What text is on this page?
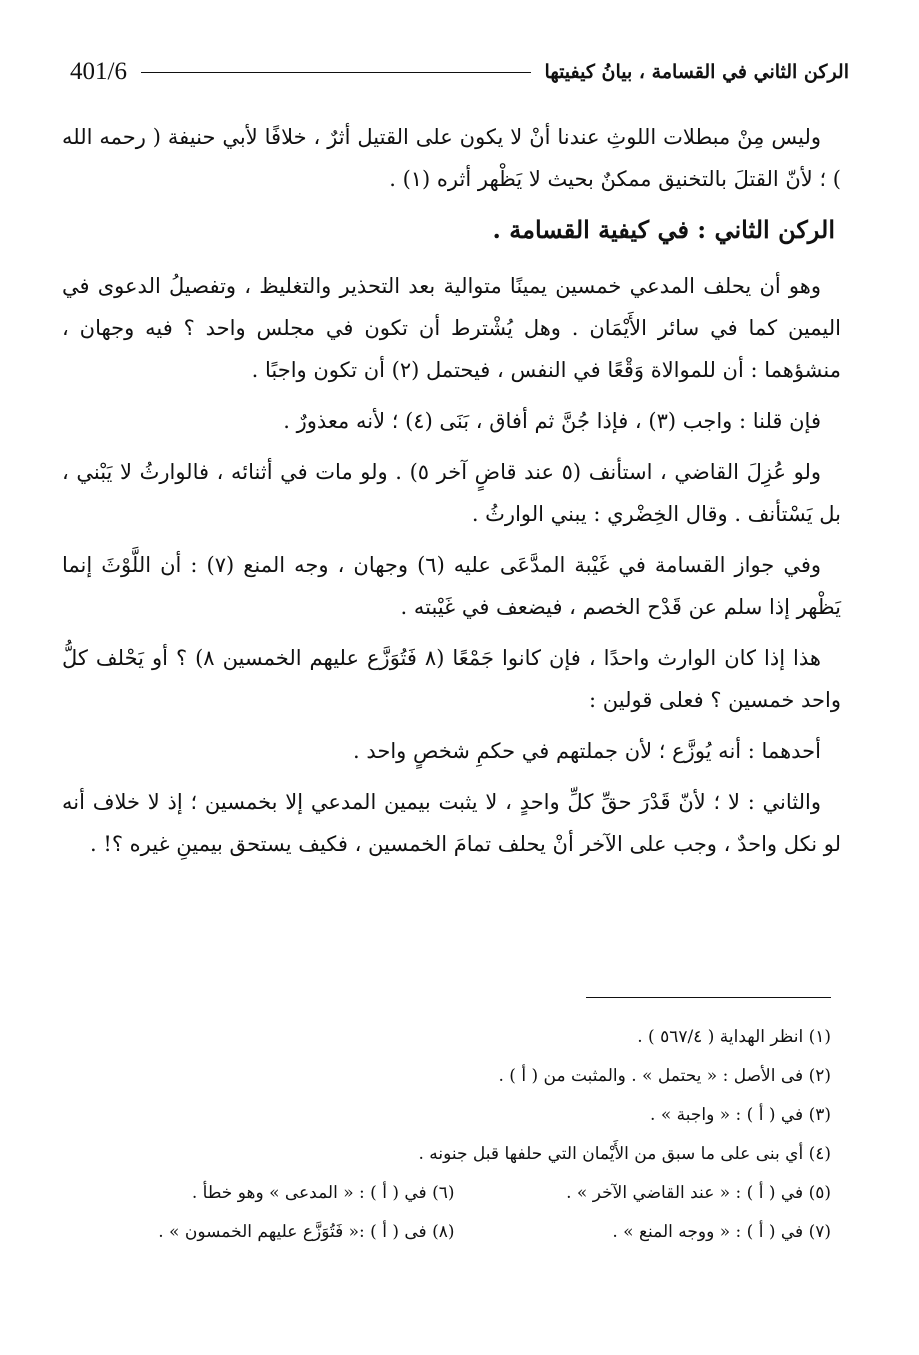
401/6	الركن الثاني في القسامة ، بيانُ كيفيتها

وليس مِنْ مبطلات اللوثِ عندنا أنْ لا يكون على القتيل أثرٌ ، خلافًا لأبي حنيفة ( رحمه الله ) ؛ لأنّ القتلَ بالتخنيق ممكنٌ بحيث لا يَظْهر أثره (١) .

الركن الثاني : في كيفية القسامة .

وهو أن يحلف المدعي خمسين يمينًا متوالية بعد التحذير والتغليظ ، وتفصيلُ الدعوى في اليمين كما في سائر الأَيْمَان . وهل يُشْترط أن تكون في مجلس واحد ؟ فيه وجهان ، منشؤهما : أن للموالاة وَقْعًا في النفس ، فيحتمل (٢) أن تكون واجبًا .

فإن قلنا : واجب (٣) ، فإذا جُنَّ ثم أفاق ، بَنَى (٤) ؛ لأنه معذورٌ .

ولو عُزِلَ القاضي ، استأنف (٥ عند قاضٍ آخر ٥) . ولو مات في أثنائه ، فالوارثُ لا يَبْني ، بل يَسْتأنف . وقال الخِضْري : يبني الوارثُ .

وفي جواز القسامة في غَيْبة المدَّعَى عليه (٦) وجهان ، وجه المنع (٧) : أن اللَّوْثَ إنما يَظْهر إذا سلم عن قَدْح الخصم ، فيضعف في غَيْبته .

هذا إذا كان الوارث واحدًا ، فإن كانوا جَمْعًا (٨ فَتُوَزَّع عليهم الخمسين ٨) ؟ أو يَحْلف كلُّ واحد خمسين ؟ فعلى قولين :

أحدهما : أنه يُوزَّع ؛ لأن جملتهم في حكمِ شخصٍ واحد .

والثاني : لا ؛ لأنّ قَدْرَ حقِّ كلِّ واحدٍ ، لا يثبت بيمين المدعي إلا بخمسين ؛ إذ لا خلاف أنه لو نكل واحدٌ ، وجب على الآخر أنْ يحلف تمامَ الخمسين ، فكيف يستحق بيمينِ غيره ؟! .

(١) انظر الهداية ( ٥٦٧/٤ ) .
(٢) فى الأصل : « يحتمل » . والمثبت من ( أ ) .
(٣) في ( أ ) : « واجبة » .
(٤) أي بنى على ما سبق من الأَيْمان التي حلفها قبل جنونه .
(٥) في ( أ ) : « عند القاضي الآخر » .
(٦) في ( أ ) : « المدعى » وهو خطأ .
(٧) في ( أ ) : « ووجه المنع » .
(٨) فى ( أ ) :« فَتُوَزَّع عليهم الخمسون » .
